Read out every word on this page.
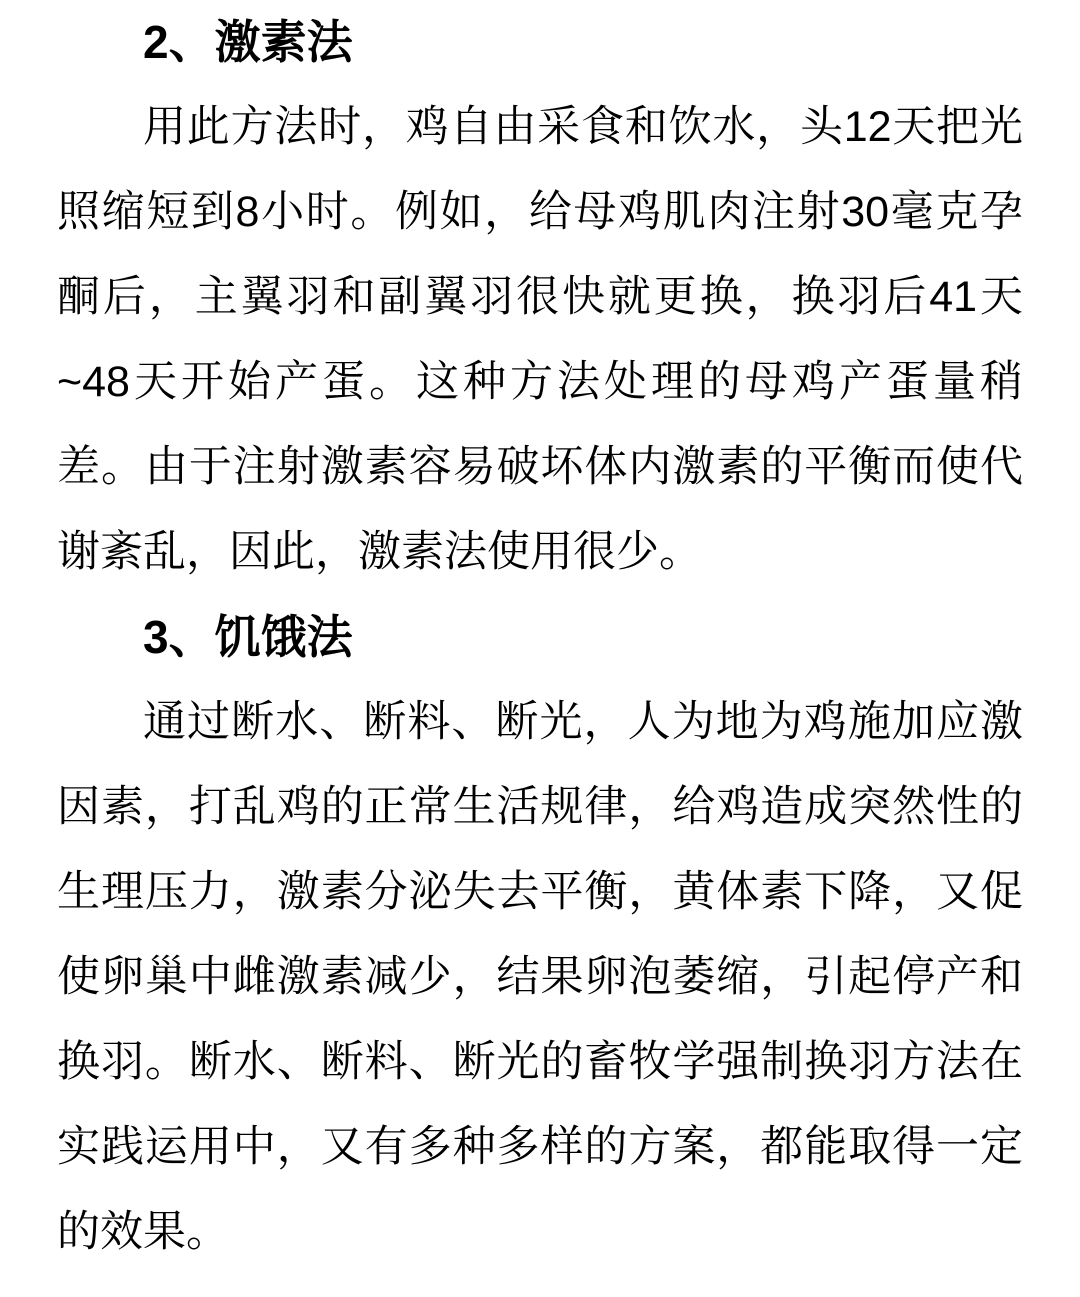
2、激素法
用此方法时，鸡自由采食和饮水，头12天把光
照缩短到8小时。例如，给母鸡肌肉注射30毫克孕
酮后，主翼羽和副翼羽很快就更换，换羽后41天
~48天开始产蛋。这种方法处理的母鸡产蛋量稍
差。由于注射激素容易破坏体内激素的平衡而使代
谢紊乱，因此，激素法使用很少。
3、饥饿法
通过断水、断料、断光，人为地为鸡施加应激
因素，打乱鸡的正常生活规律，给鸡造成突然性的
生理压力，激素分泌失去平衡，黄体素下降，又促
使卵巢中雌激素减少，结果卵泡萎缩，引起停产和
换羽。断水、断料、断光的畜牧学强制换羽方法在
实践运用中，又有多种多样的方案，都能取得一定
的效果。
